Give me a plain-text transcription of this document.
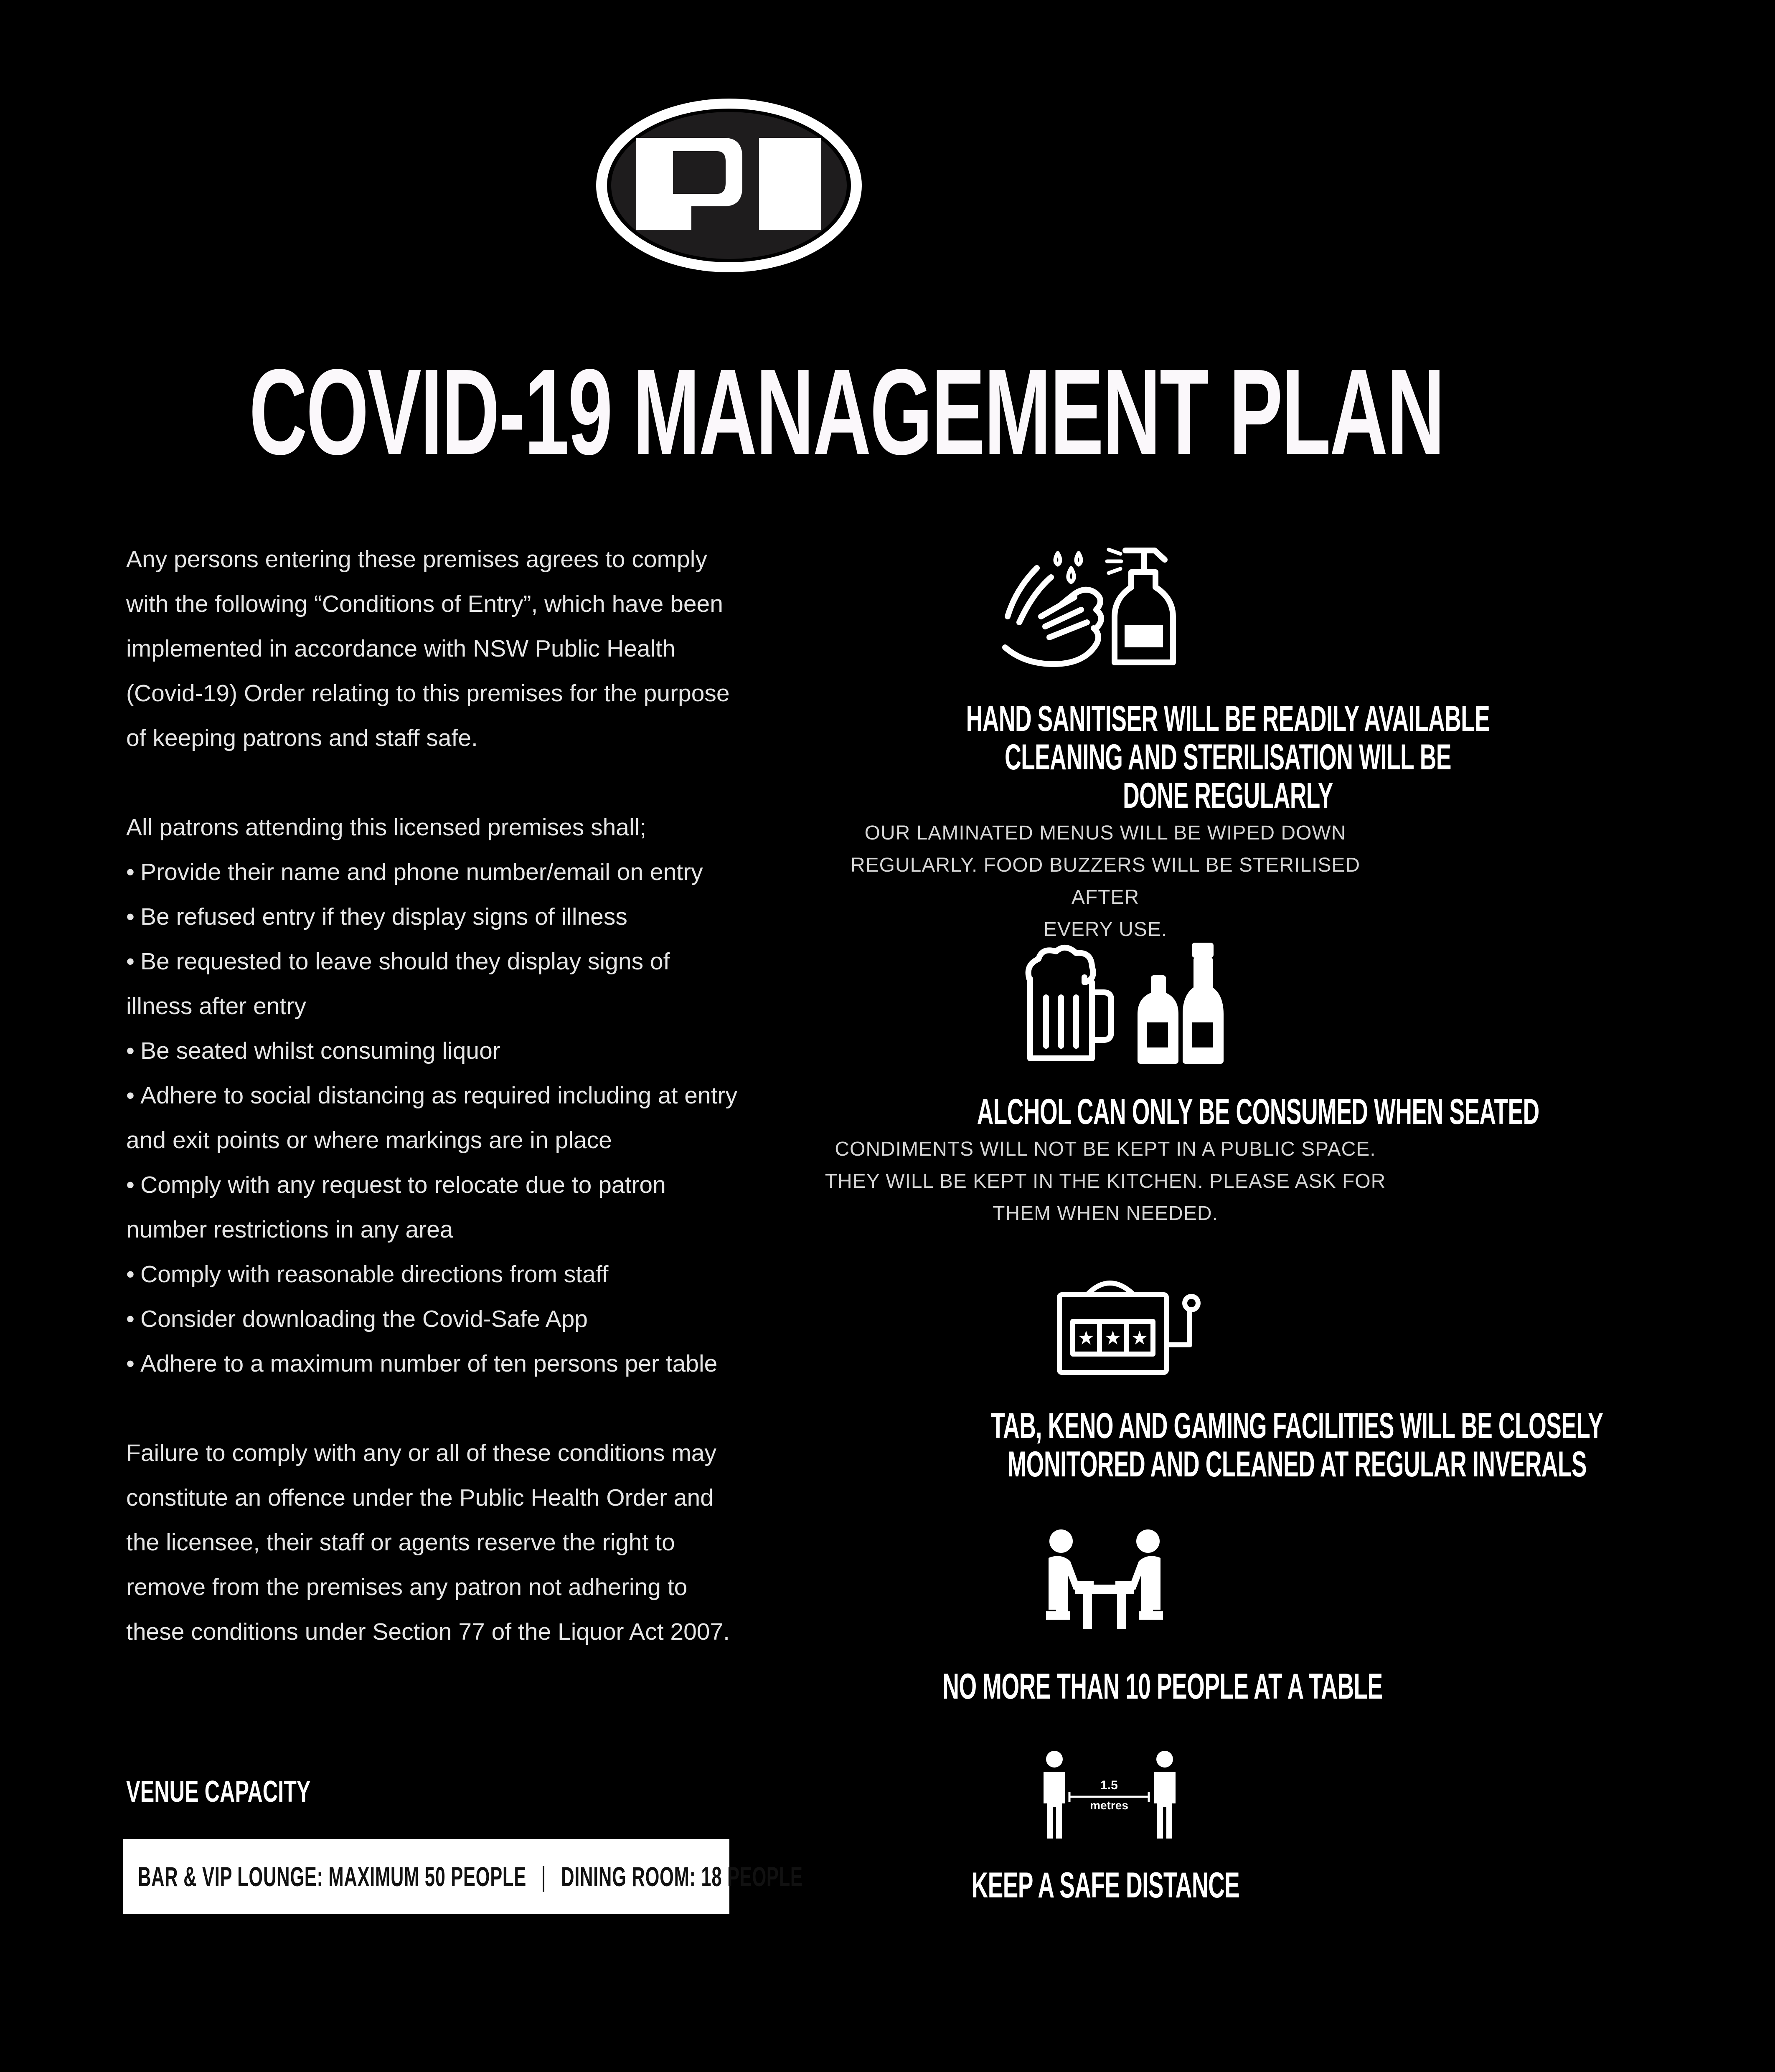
COVID-19 MANAGEMENT PLAN

Any persons entering these premises agrees to comply with the following “Conditions of Entry”, which have been implemented in accordance with NSW Public Health (Covid-19) Order relating to this premises for the purpose of keeping patrons and staff safe.

All patrons attending this licensed premises shall;
• Provide their name and phone number/email on entry
• Be refused entry if they display signs of illness
• Be requested to leave should they display signs of illness after entry
• Be seated whilst consuming liquor
• Adhere to social distancing as required including at entry and exit points or where markings are in place
• Comply with any request to relocate due to patron number restrictions in any area
• Comply with reasonable directions from staff
• Consider downloading the Covid-Safe App
• Adhere to a maximum number of ten persons per table

Failure to comply with any or all of these conditions may constitute an offence under the Public Health Order and the licensee, their staff or agents reserve the right to remove from the premises any patron not adhering to these conditions under Section 77 of the Liquor Act 2007.

VENUE CAPACITY
BAR & VIP LOUNGE: MAXIMUM 50 PEOPLE | DINING ROOM: 18 PEOPLE
HAND SANITISER WILL BE READILY AVAILABLE
CLEANING AND STERILISATION WILL BE
DONE REGULARLY
OUR LAMINATED MENUS WILL BE WIPED DOWN
REGULARLY. FOOD BUZZERS WILL BE STERILISED AFTER
EVERY USE.
ALCHOL CAN ONLY BE CONSUMED WHEN SEATED
CONDIMENTS WILL NOT BE KEPT IN A PUBLIC SPACE.
THEY WILL BE KEPT IN THE KITCHEN. PLEASE ASK FOR
THEM WHEN NEEDED.
★ ★ ★
TAB, KENO AND GAMING FACILITIES WILL BE CLOSELY
MONITORED AND CLEANED AT REGULAR INVERALS
NO MORE THAN 10 PEOPLE AT A TABLE
1.5
metres
KEEP A SAFE DISTANCE
